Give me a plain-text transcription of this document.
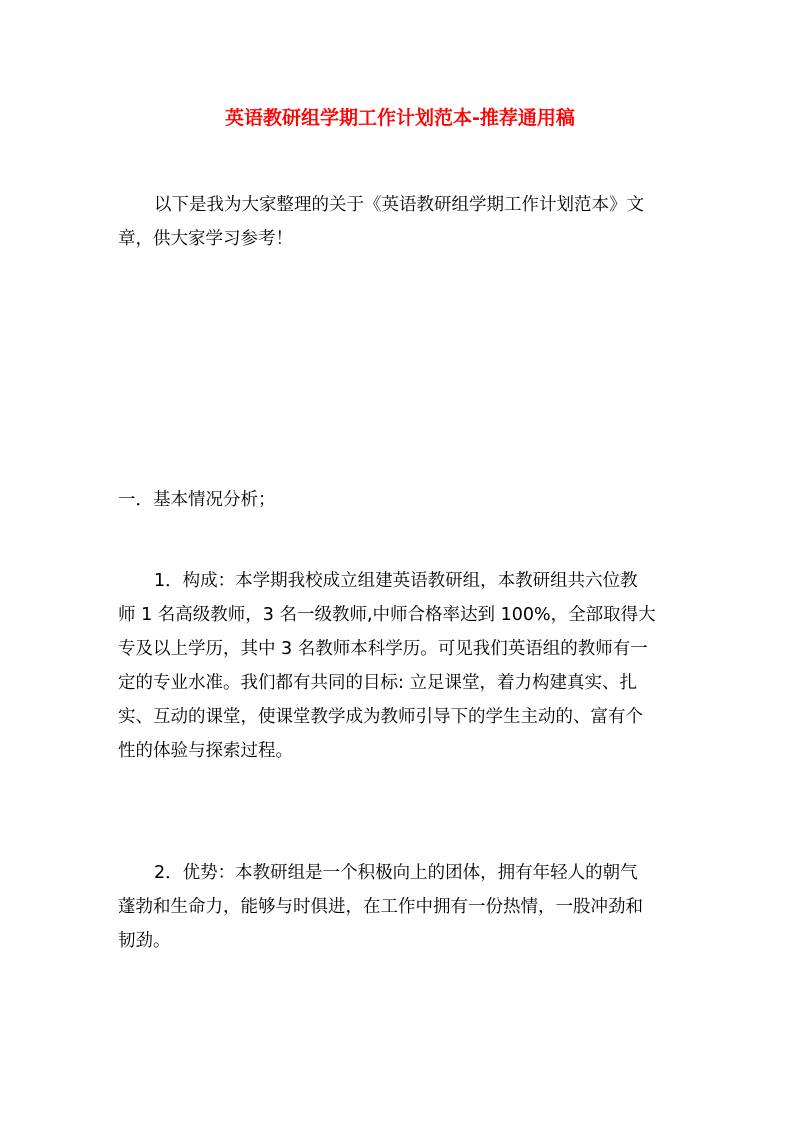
英语教研组学期工作计划范本-推荐通用稿
以下是我为大家整理的关于《英语教研组学期工作计划范本》文
章，供大家学习参考！
一．基本情况分析；
1．构成：本学期我校成立组建英语教研组，本教研组共六位教
师 1 名高级教师，3 名一级教师,中师合格率达到 100%，全部取得大
专及以上学历，其中 3 名教师本科学历。可见我们英语组的教师有一
定的专业水准。我们都有共同的目标: 立足课堂，着力构建真实、扎
实、互动的课堂，使课堂教学成为教师引导下的学生主动的、富有个
性的体验与探索过程。
2．优势：本教研组是一个积极向上的团体，拥有年轻人的朝气
蓬勃和生命力，能够与时俱进，在工作中拥有一份热情，一股冲劲和
韧劲。
